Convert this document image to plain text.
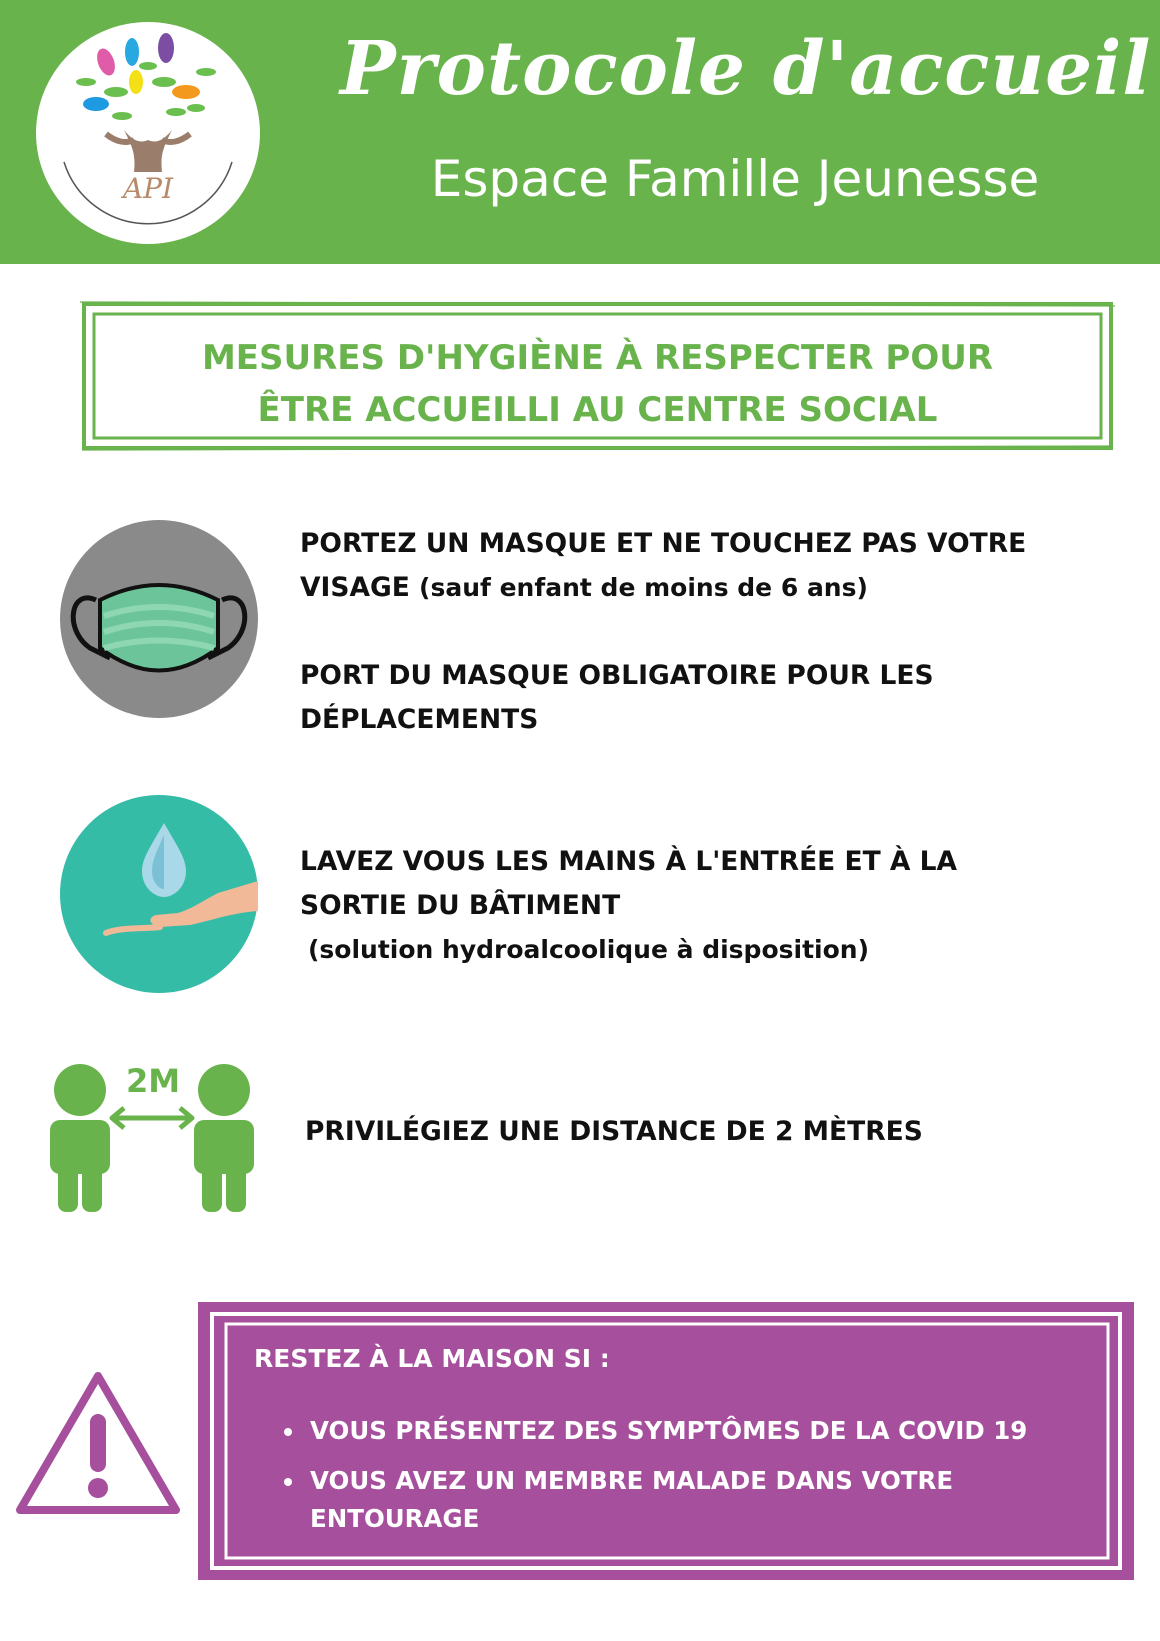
API
Protocole d'accueil
Espace Famille Jeunesse
MESURES D'HYGIÈNE À RESPECTER POUR
ÊTRE ACCUEILLI AU CENTRE SOCIAL
PORTEZ UN MASQUE ET NE TOUCHEZ PAS VOTRE
VISAGE (sauf enfant de moins de 6 ans)
PORT DU MASQUE OBLIGATOIRE POUR LES
DÉPLACEMENTS
LAVEZ VOUS LES MAINS À L'ENTRÉE ET À LA
SORTIE DU BÂTIMENT
(solution hydroalcoolique à disposition)
2M
PRIVILÉGIEZ UNE DISTANCE DE 2 MÈTRES
RESTEZ À LA MAISON SI :
• VOUS PRÉSENTEZ DES SYMPTÔMES DE LA COVID 19
• VOUS AVEZ UN MEMBRE MALADE DANS VOTRE
ENTOURAGE
